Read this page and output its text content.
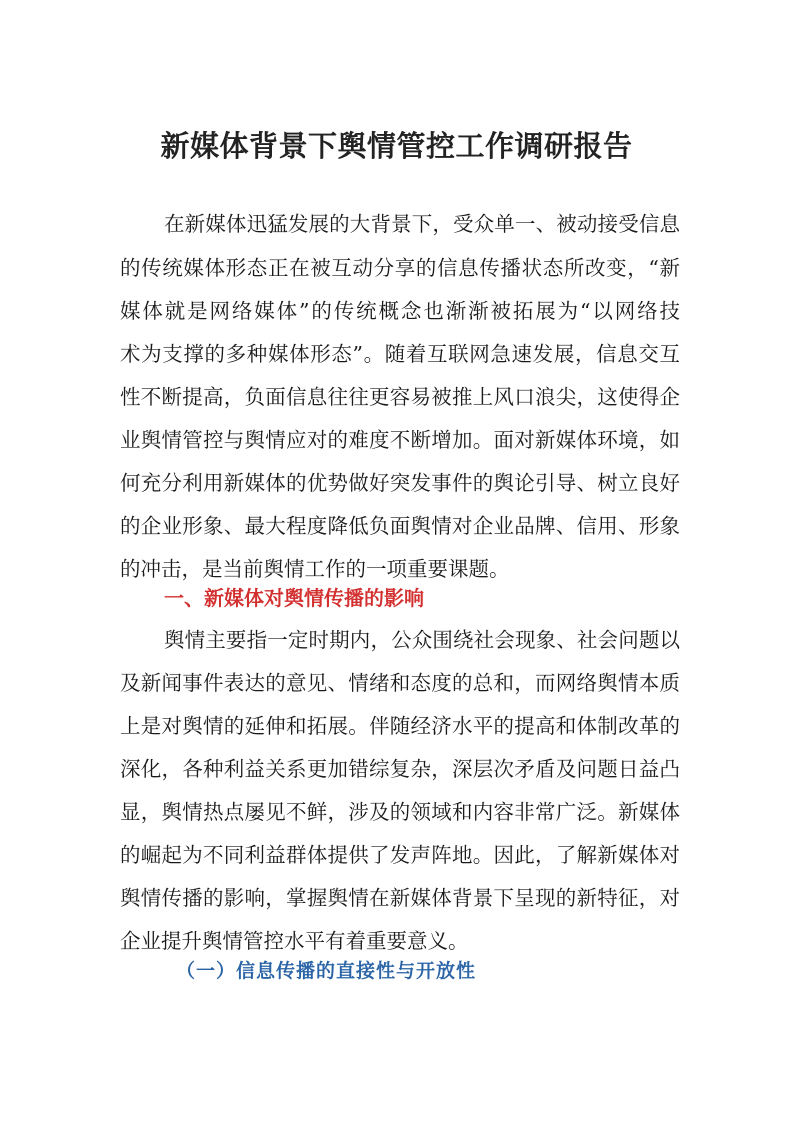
新媒体背景下舆情管控工作调研报告

在新媒体迅猛发展的大背景下，受众单一、被动接受信息

的传统媒体形态正在被互动分享的信息传播状态所改变，“新

媒体就是网络媒体”的传统概念也渐渐被拓展为“以网络技

术为支撑的多种媒体形态”。随着互联网急速发展，信息交互

性不断提高，负面信息往往更容易被推上风口浪尖，这使得企

业舆情管控与舆情应对的难度不断增加。面对新媒体环境，如

何充分利用新媒体的优势做好突发事件的舆论引导、树立良好

的企业形象、最大程度降低负面舆情对企业品牌、信用、形象

的冲击，是当前舆情工作的一项重要课题。

一、新媒体对舆情传播的影响

舆情主要指一定时期内，公众围绕社会现象、社会问题以

及新闻事件表达的意见、情绪和态度的总和，而网络舆情本质

上是对舆情的延伸和拓展。伴随经济水平的提高和体制改革的

深化，各种利益关系更加错综复杂，深层次矛盾及问题日益凸

显，舆情热点屡见不鲜，涉及的领域和内容非常广泛。新媒体

的崛起为不同利益群体提供了发声阵地。因此，了解新媒体对

舆情传播的影响，掌握舆情在新媒体背景下呈现的新特征，对

企业提升舆情管控水平有着重要意义。

（一）信息传播的直接性与开放性
